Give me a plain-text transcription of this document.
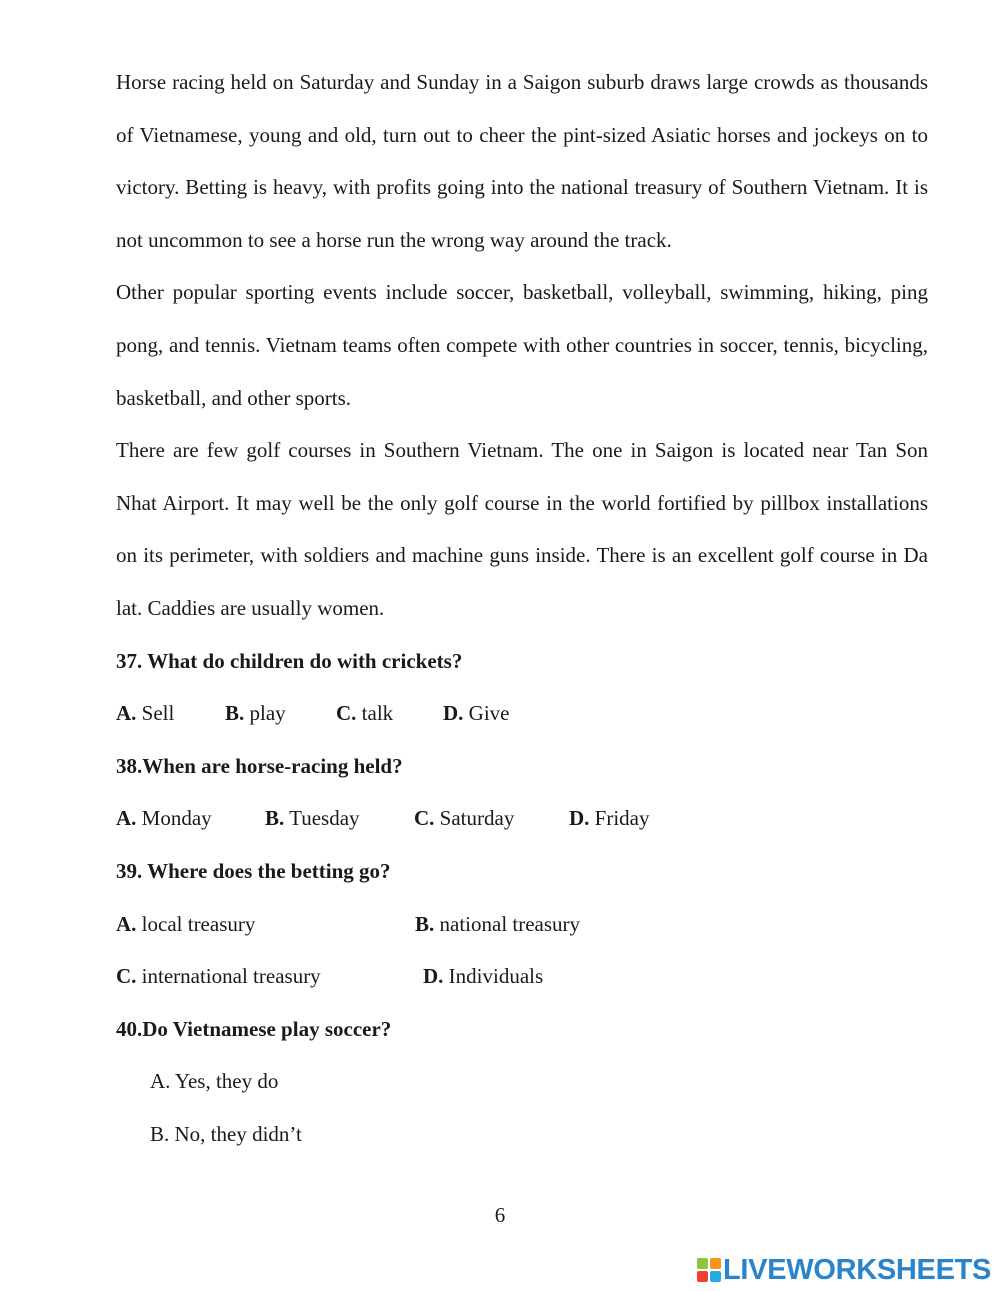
Horse racing held on Saturday and Sunday in a Saigon suburb draws large crowds as thousands of Vietnamese, young and old, turn out to cheer the pint-sized Asiatic horses and jockeys on to victory. Betting is heavy, with profits going into the national treasury of Southern Vietnam. It is not uncommon to see a horse run the wrong way around the track.

Other popular sporting events include soccer, basketball, volleyball, swimming, hiking, ping pong, and tennis. Vietnam teams often compete with other countries in soccer, tennis, bicycling, basketball, and other sports.

There are few golf courses in Southern Vietnam. The one in Saigon is located near Tan Son Nhat Airport. It may well be the only golf course in the world fortified by pillbox installations on its perimeter, with soldiers and machine guns inside. There is an excellent golf course in Da lat. Caddies are usually women.

37. What do children do with crickets?
A. Sell B. play C. talk D. Give
38.When are horse-racing held?
A. Monday	B. Tuesday	C. Saturday	D. Friday
39. Where does the betting go?
A. local treasury	B. national treasury
C. international treasury	D. Individuals
40.Do Vietnamese play soccer?
A. Yes, they do
B. No, they didn’t
6
LIVEWORKSHEETS
